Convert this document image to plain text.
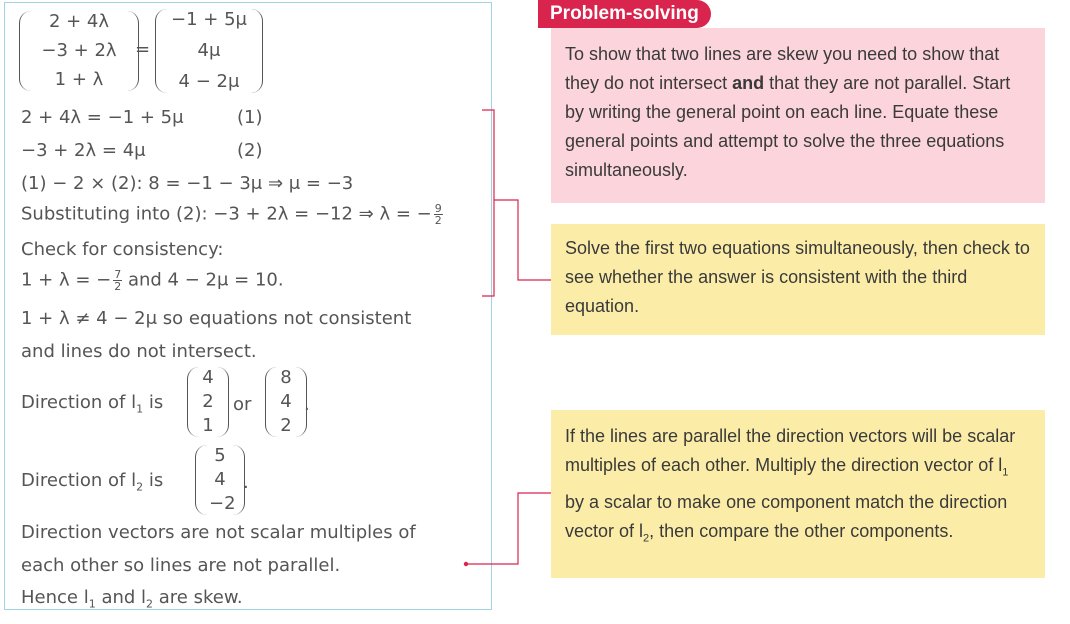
2 + 4λ
−3 + 2λ
1 + λ
=
−1 + 5μ
4μ
4 − 2μ
2 + 4λ = −1 + 5μ	(1)
−3 + 2λ = 4μ	(2)
(1) − 2 × (2): 8 = −1 − 3μ ⇒ μ = −3
Substituting into (2): −3 + 2λ = −12 ⇒ λ = − $\frac{9}{2}$
Check for consistency:
1 + λ = − $\frac{7}{2}$ and 4 − 2μ = 10.
1 + λ ≠ 4 − 2μ so equations not consistent
and lines do not intersect.
Direction of $l_1$ is
4
2
1
or
8
4
2
.
Direction of $l_2$ is
5
4
−2
.
Direction vectors are not scalar multiples of
each other so lines are not parallel.
Hence $l_1$ and $l_2$ are skew.
Problem-solving
To show that two lines are skew you need to show that they do not intersect and that they are not parallel. Start by writing the general point on each line. Equate these general points and attempt to solve the three equations simultaneously.
Solve the first two equations simultaneously, then check to see whether the answer is consistent with the third equation.
If the lines are parallel the direction vectors will be scalar multiples of each other. Multiply the direction vector of $l_1$ by a scalar to make one component match the direction vector of $l_2$, then compare the other components.
